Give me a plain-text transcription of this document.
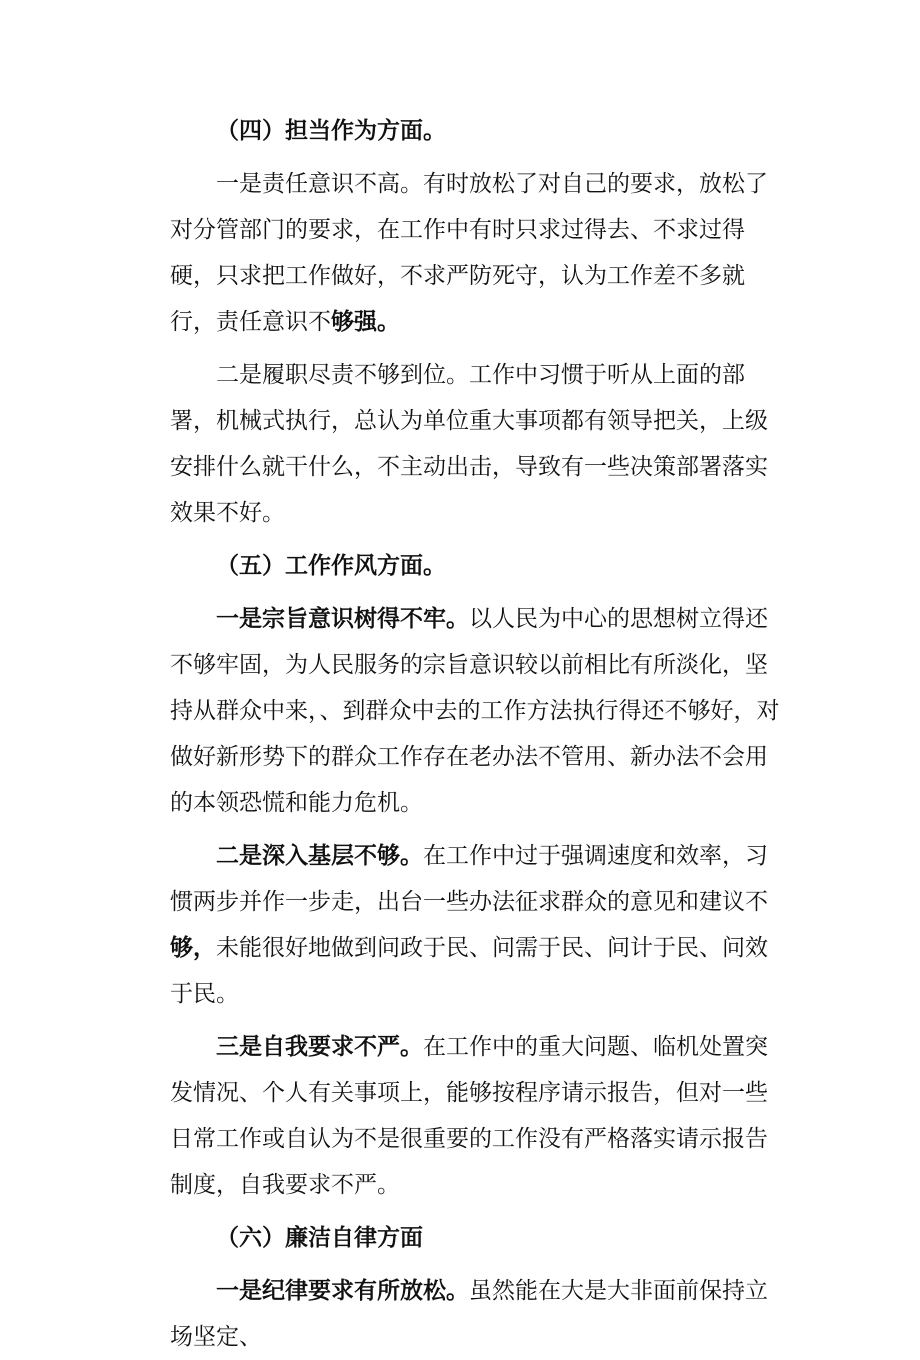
（四）担当作为方面。

一是责任意识不高。有时放松了对自己的要求，放松了对分管部门的要求，在工作中有时只求过得去、不求过得硬，只求把工作做好，不求严防死守，认为工作差不多就行，责任意识不够强。

二是履职尽责不够到位。工作中习惯于听从上面的部署，机械式执行，总认为单位重大事项都有领导把关，上级安排什么就干什么，不主动出击，导致有一些决策部署落实效果不好。

（五）工作作风方面。

一是宗旨意识树得不牢。以人民为中心的思想树立得还不够牢固，为人民服务的宗旨意识较以前相比有所淡化，坚持从群众中来，、到群众中去的工作方法执行得还不够好，对做好新形势下的群众工作存在老办法不管用、新办法不会用的本领恐慌和能力危机。

二是深入基层不够。在工作中过于强调速度和效率，习惯两步并作一步走，出台一些办法征求群众的意见和建议不够，未能很好地做到问政于民、问需于民、问计于民、问效于民。

三是自我要求不严。在工作中的重大问题、临机处置突发情况、个人有关事项上，能够按程序请示报告，但对一些日常工作或自认为不是很重要的工作没有严格落实请示报告制度，自我要求不严。

（六）廉洁自律方面

一是纪律要求有所放松。虽然能在大是大非面前保持立场坚定、
